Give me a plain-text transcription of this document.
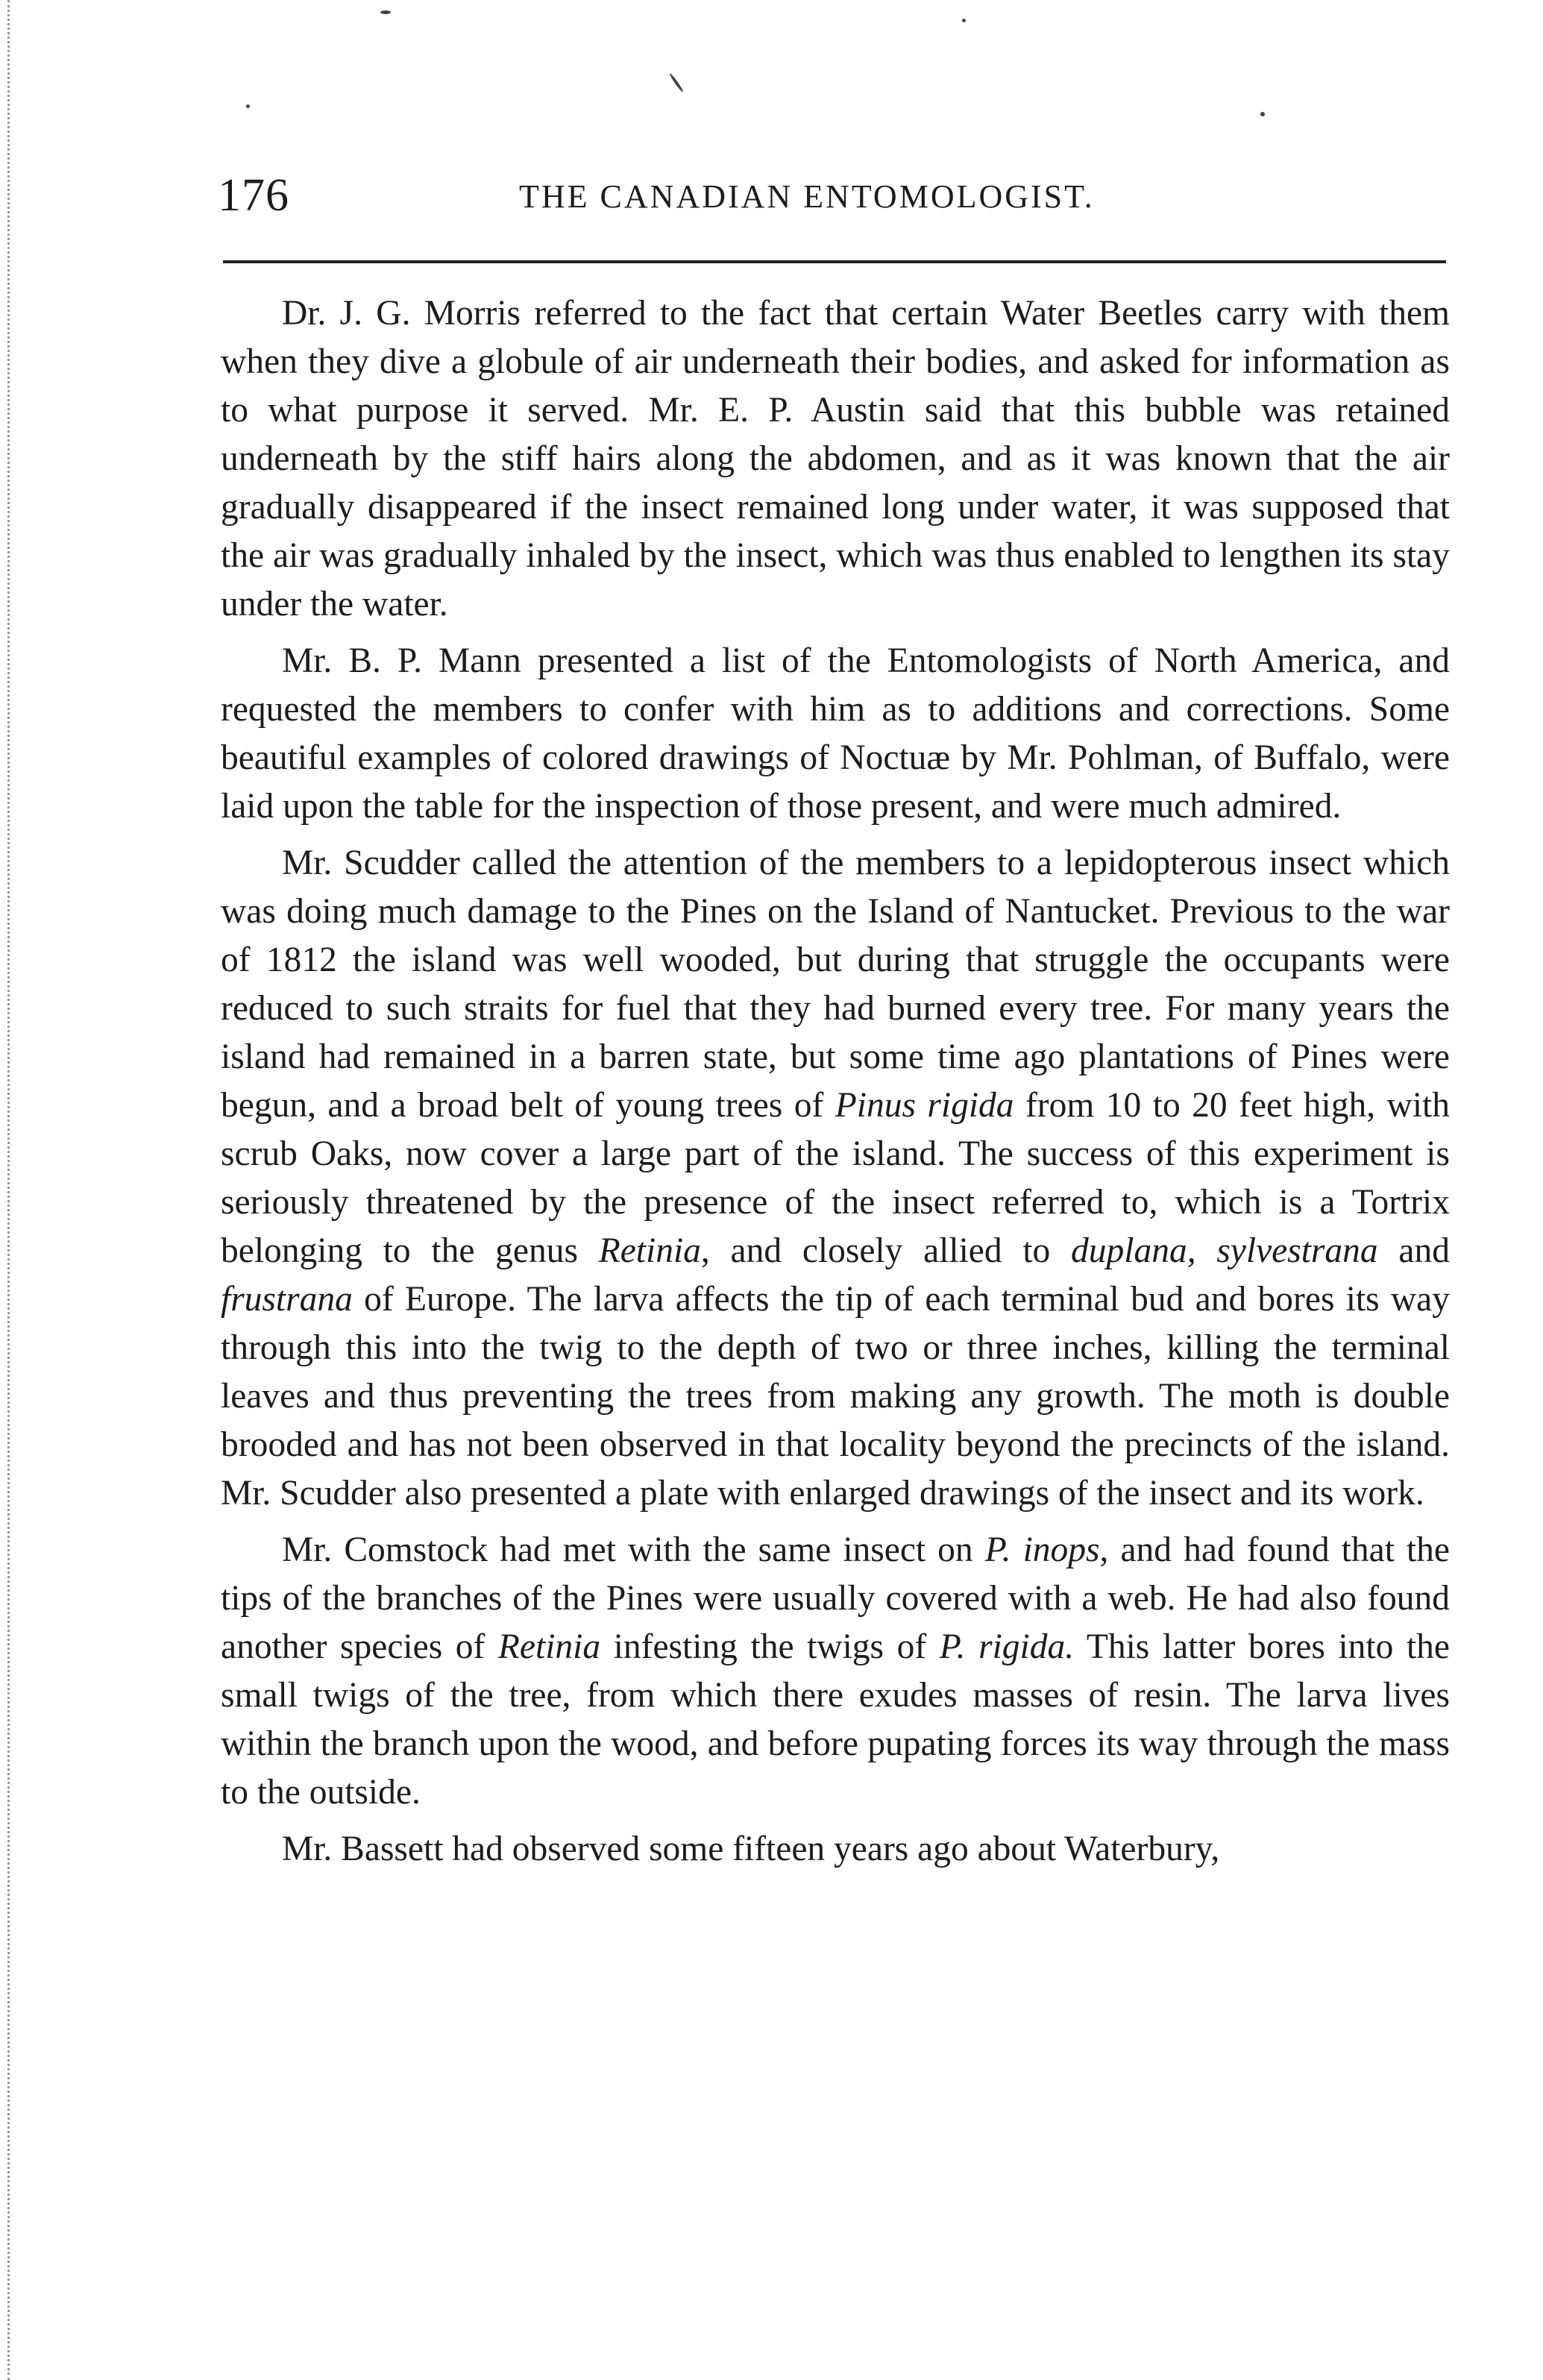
176	THE CANADIAN ENTOMOLOGIST.

Dr. J. G. Morris referred to the fact that certain Water Beetles carry with them when they dive a globule of air underneath their bodies, and asked for information as to what purpose it served. Mr. E. P. Austin said that this bubble was retained underneath by the stiff hairs along the abdomen, and as it was known that the air gradually disappeared if the insect remained long under water, it was supposed that the air was gradually inhaled by the insect, which was thus enabled to lengthen its stay under the water.

Mr. B. P. Mann presented a list of the Entomologists of North America, and requested the members to confer with him as to additions and corrections. Some beautiful examples of colored drawings of Noctuæ by Mr. Pohlman, of Buffalo, were laid upon the table for the inspection of those present, and were much admired.

Mr. Scudder called the attention of the members to a lepidopterous insect which was doing much damage to the Pines on the Island of Nantucket. Previous to the war of 1812 the island was well wooded, but during that struggle the occupants were reduced to such straits for fuel that they had burned every tree. For many years the island had remained in a barren state, but some time ago plantations of Pines were begun, and a broad belt of young trees of Pinus rigida from 10 to 20 feet high, with scrub Oaks, now cover a large part of the island. The success of this experiment is seriously threatened by the presence of the insect referred to, which is a Tortrix belonging to the genus Retinia, and closely allied to duplana, sylvestrana and frustrana of Europe. The larva affects the tip of each terminal bud and bores its way through this into the twig to the depth of two or three inches, killing the terminal leaves and thus preventing the trees from making any growth. The moth is double brooded and has not been observed in that locality beyond the precincts of the island. Mr. Scudder also presented a plate with enlarged drawings of the insect and its work.

Mr. Comstock had met with the same insect on P. inops, and had found that the tips of the branches of the Pines were usually covered with a web. He had also found another species of Retinia infesting the twigs of P. rigida. This latter bores into the small twigs of the tree, from which there exudes masses of resin. The larva lives within the branch upon the wood, and before pupating forces its way through the mass to the outside.

Mr. Bassett had observed some fifteen years ago about Waterbury,
